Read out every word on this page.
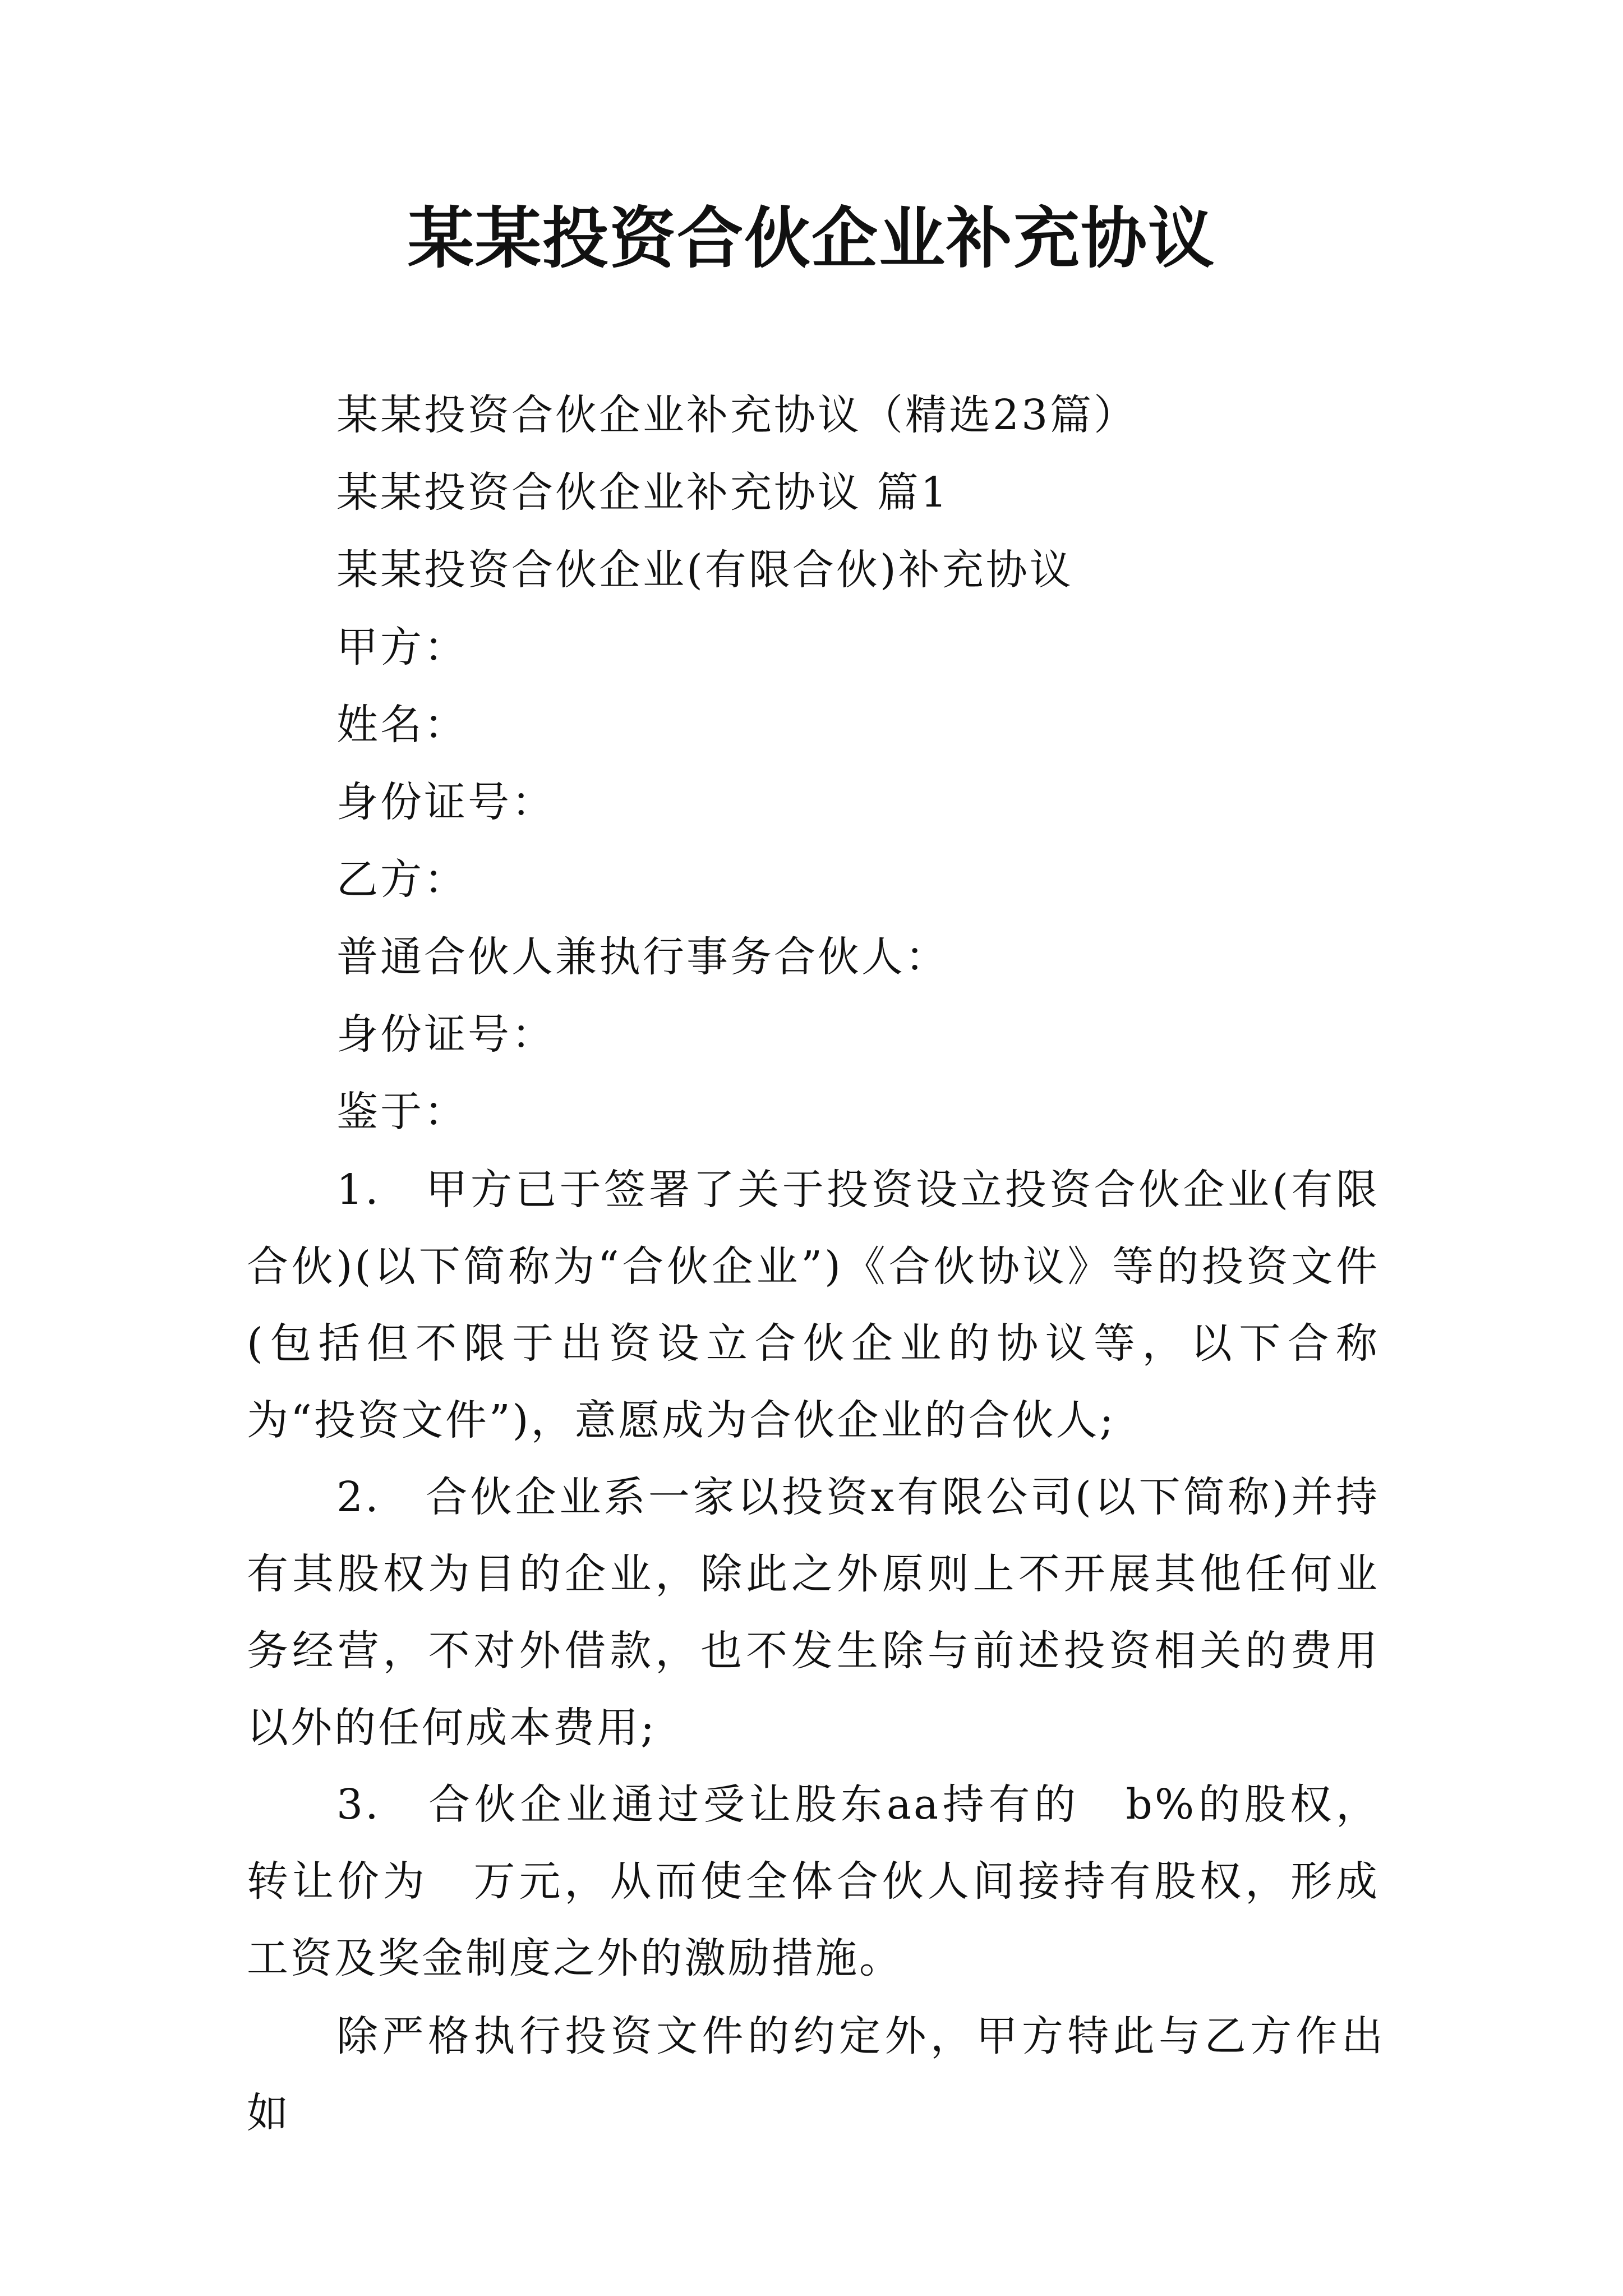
某某投资合伙企业补充协议
某某投资合伙企业补充协议（精选23篇）
某某投资合伙企业补充协议 篇1
某某投资合伙企业(有限合伙)补充协议
甲方：
姓名：
身份证号：
乙方：
普通合伙人兼执行事务合伙人：
身份证号：
鉴于：
1.　甲方已于签署了关于投资设立投资合伙企业(有限合伙)(以下简称为“合伙企业”)《合伙协议》等的投资文件(包括但不限于出资设立合伙企业的协议等，以下合称为“投资文件”)，意愿成为合伙企业的合伙人;
2.　合伙企业系一家以投资x有限公司(以下简称)并持有其股权为目的企业，除此之外原则上不开展其他任何业务经营，不对外借款，也不发生除与前述投资相关的费用以外的任何成本费用;
3.　合伙企业通过受让股东aa持有的　b%的股权，转让价为　万元，从而使全体合伙人间接持有股权，形成工资及奖金制度之外的激励措施。
除严格执行投资文件的约定外，甲方特此与乙方作出如
